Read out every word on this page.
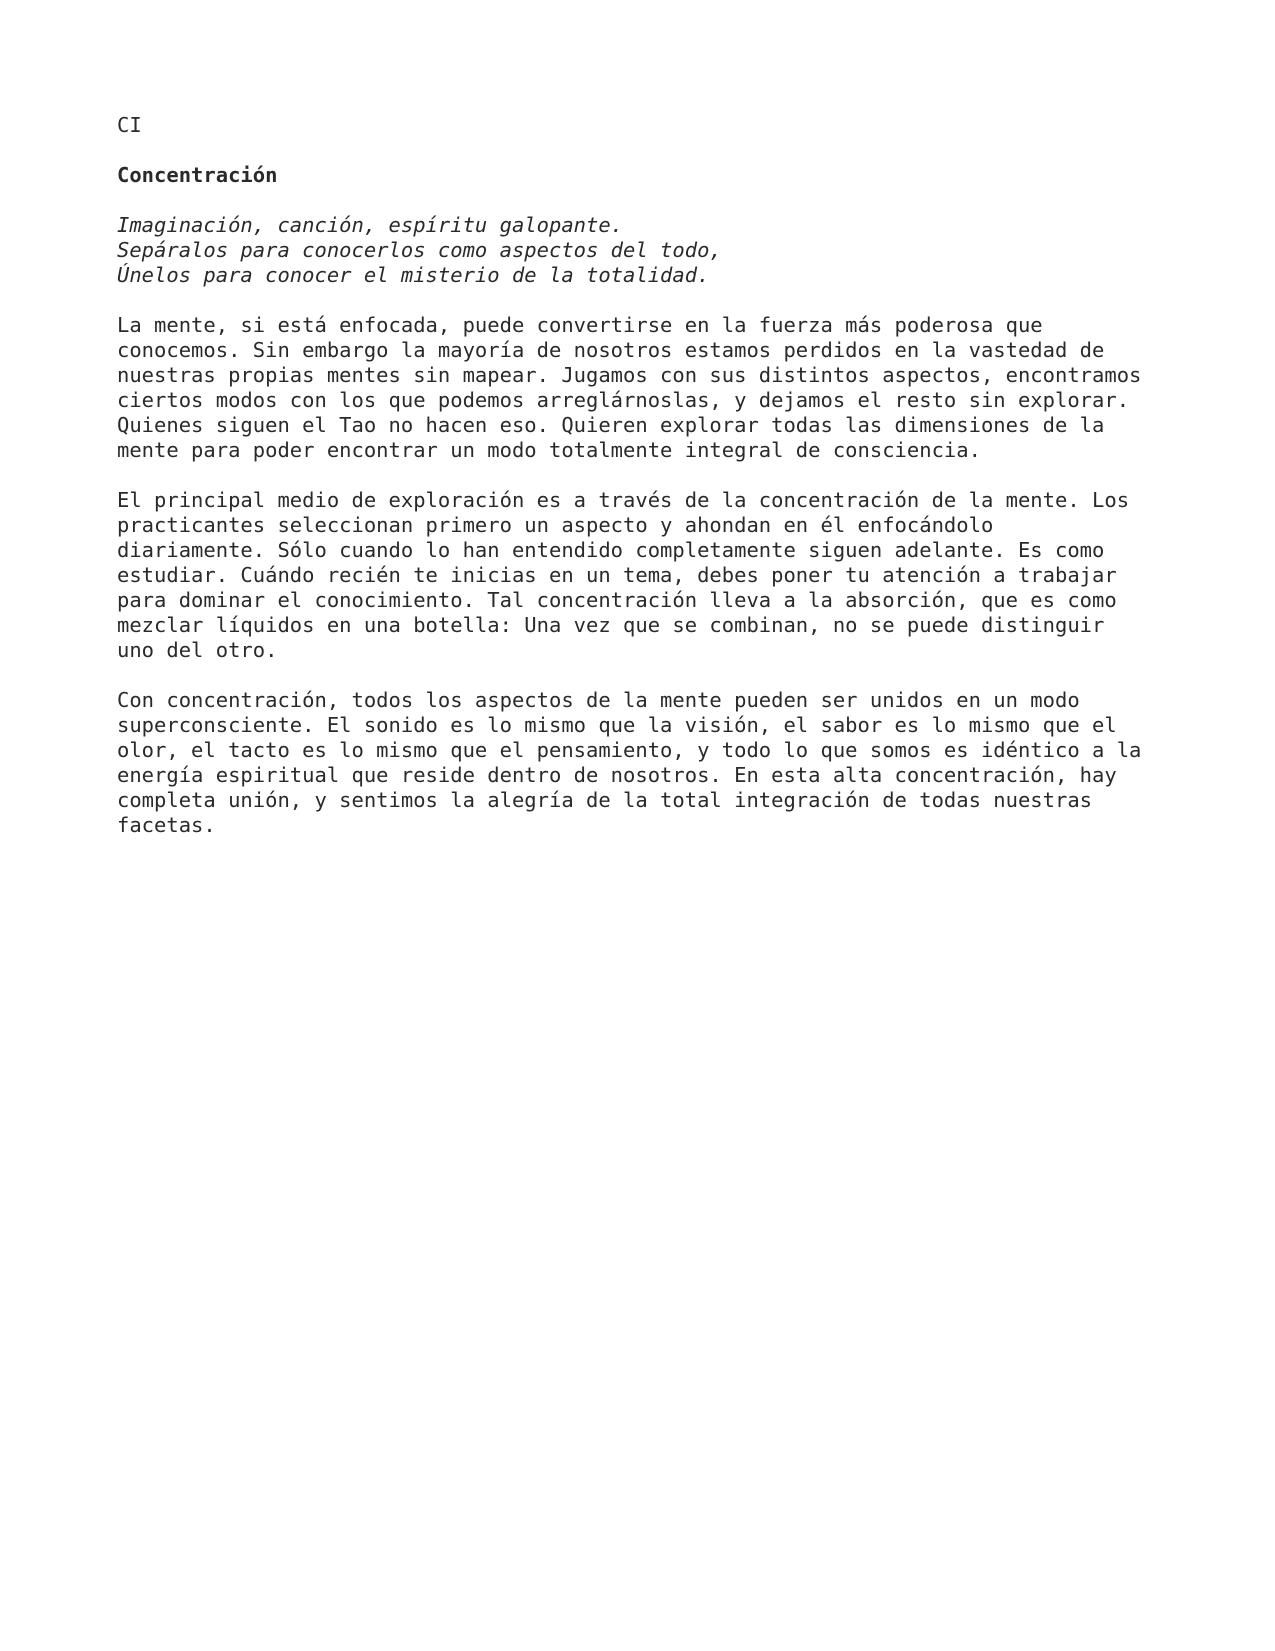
CI
Concentración
Imaginación, canción, espíritu galopante.
Sepáralos para conocerlos como aspectos del todo,
Únelos para conocer el misterio de la totalidad.
La mente, si está enfocada, puede convertirse en la fuerza más poderosa que
conocemos. Sin embargo la mayoría de nosotros estamos perdidos en la vastedad de
nuestras propias mentes sin mapear. Jugamos con sus distintos aspectos, encontramos
ciertos modos con los que podemos arreglárnoslas, y dejamos el resto sin explorar.
Quienes siguen el Tao no hacen eso. Quieren explorar todas las dimensiones de la
mente para poder encontrar un modo totalmente integral de consciencia.
El principal medio de exploración es a través de la concentración de la mente. Los
practicantes seleccionan primero un aspecto y ahondan en él enfocándolo
diariamente. Sólo cuando lo han entendido completamente siguen adelante. Es como
estudiar. Cuándo recién te inicias en un tema, debes poner tu atención a trabajar
para dominar el conocimiento. Tal concentración lleva a la absorción, que es como
mezclar líquidos en una botella: Una vez que se combinan, no se puede distinguir
uno del otro.
Con concentración, todos los aspectos de la mente pueden ser unidos en un modo
superconsciente. El sonido es lo mismo que la visión, el sabor es lo mismo que el
olor, el tacto es lo mismo que el pensamiento, y todo lo que somos es idéntico a la
energía espiritual que reside dentro de nosotros. En esta alta concentración, hay
completa unión, y sentimos la alegría de la total integración de todas nuestras
facetas.
